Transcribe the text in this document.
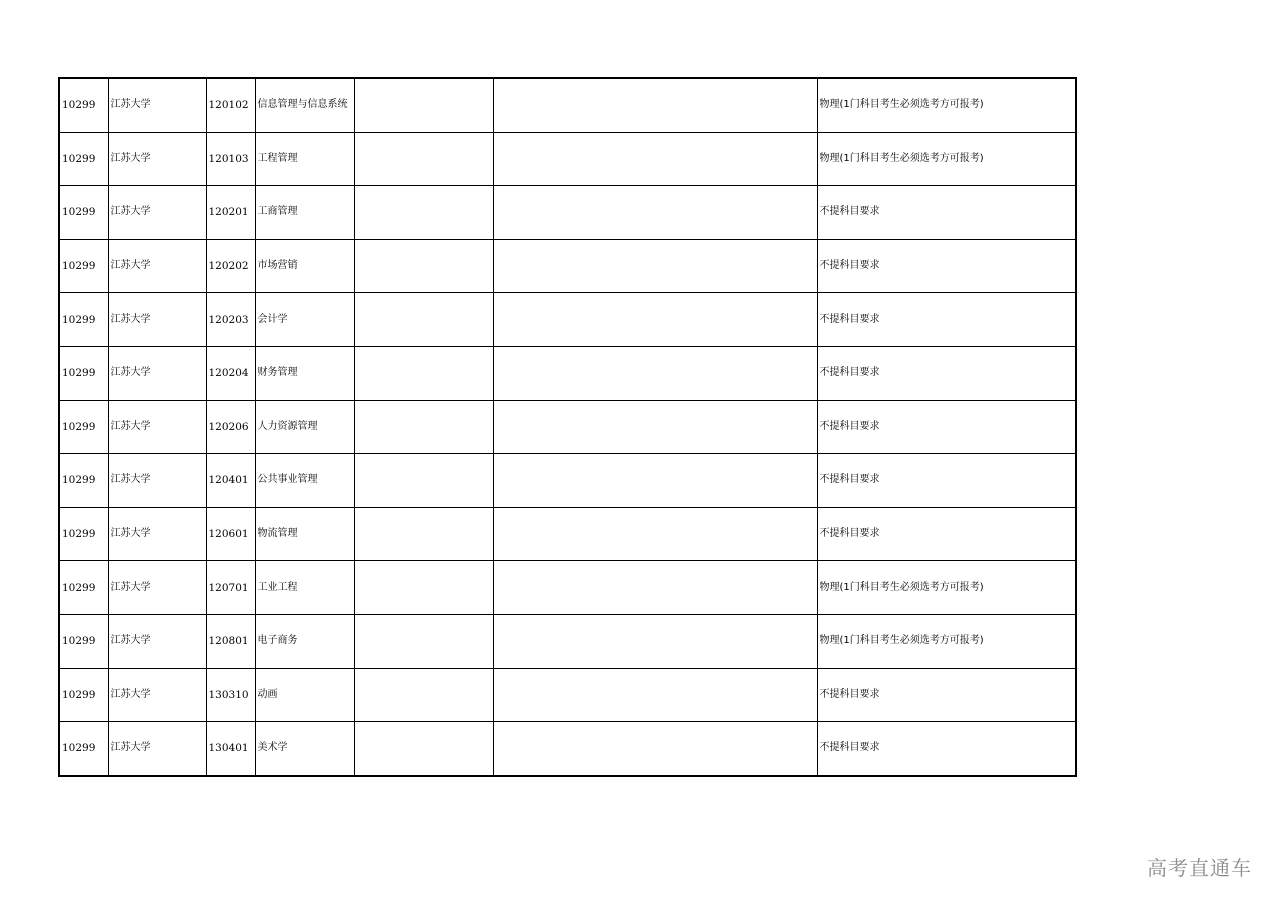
10299	江苏大学	120102	信息管理与信息系统			物理(1门科目考生必须选考方可报考)
10299	江苏大学	120103	工程管理			物理(1门科目考生必须选考方可报考)
10299	江苏大学	120201	工商管理			不提科目要求
10299	江苏大学	120202	市场营销			不提科目要求
10299	江苏大学	120203	会计学			不提科目要求
10299	江苏大学	120204	财务管理			不提科目要求
10299	江苏大学	120206	人力资源管理			不提科目要求
10299	江苏大学	120401	公共事业管理			不提科目要求
10299	江苏大学	120601	物流管理			不提科目要求
10299	江苏大学	120701	工业工程			物理(1门科目考生必须选考方可报考)
10299	江苏大学	120801	电子商务			物理(1门科目考生必须选考方可报考)
10299	江苏大学	130310	动画			不提科目要求
10299	江苏大学	130401	美术学			不提科目要求
高考直通车
